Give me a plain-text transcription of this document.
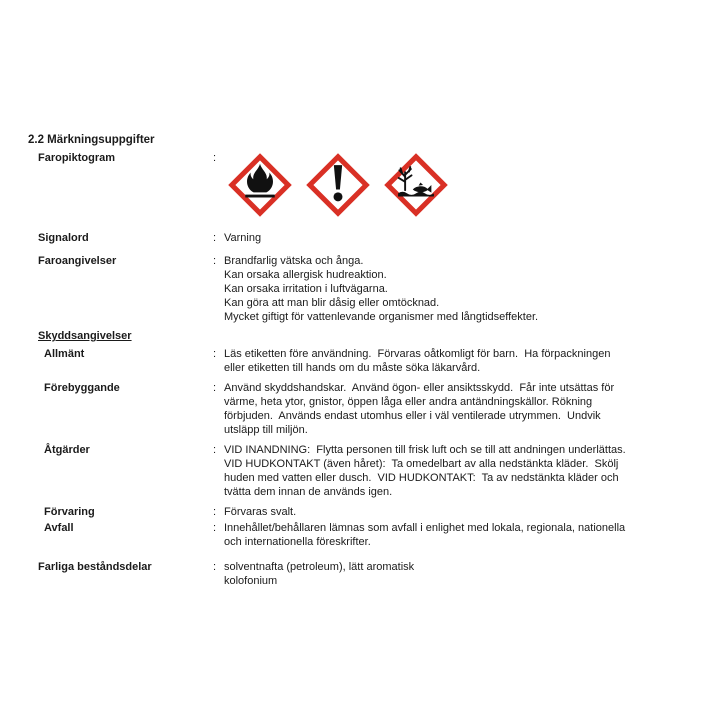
2.2 Märkningsuppgifter
Faropiktogram	:
Signalord	: Varning
Faroangivelser	: Brandfarlig vätska och ånga.
Kan orsaka allergisk hudreaktion.
Kan orsaka irritation i luftvägarna.
Kan göra att man blir dåsig eller omtöcknad.
Mycket giftigt för vattenlevande organismer med långtidseffekter.
Skyddsangivelser
Allmänt	: Läs etiketten före användning.  Förvaras oåtkomligt för barn.  Ha förpackningen
eller etiketten till hands om du måste söka läkarvård.
Förebyggande	: Använd skyddshandskar.  Använd ögon- eller ansiktsskydd.  Får inte utsättas för
värme, heta ytor, gnistor, öppen låga eller andra antändningskällor. Rökning
förbjuden.  Används endast utomhus eller i väl ventilerade utrymmen.  Undvik
utsläpp till miljön.
Åtgärder	: VID INANDNING:  Flytta personen till frisk luft och se till att andningen underlättas.
VID HUDKONTAKT (även håret):  Ta omedelbart av alla nedstänkta kläder.  Skölj
huden med vatten eller dusch.  VID HUDKONTAKT:  Ta av nedstänkta kläder och
tvätta dem innan de används igen.
Förvaring	: Förvaras svalt.
Avfall	: Innehållet/behållaren lämnas som avfall i enlighet med lokala, regionala, nationella
och internationella föreskrifter.
Farliga beståndsdelar	: solventnafta (petroleum), lätt aromatisk
kolofonium
